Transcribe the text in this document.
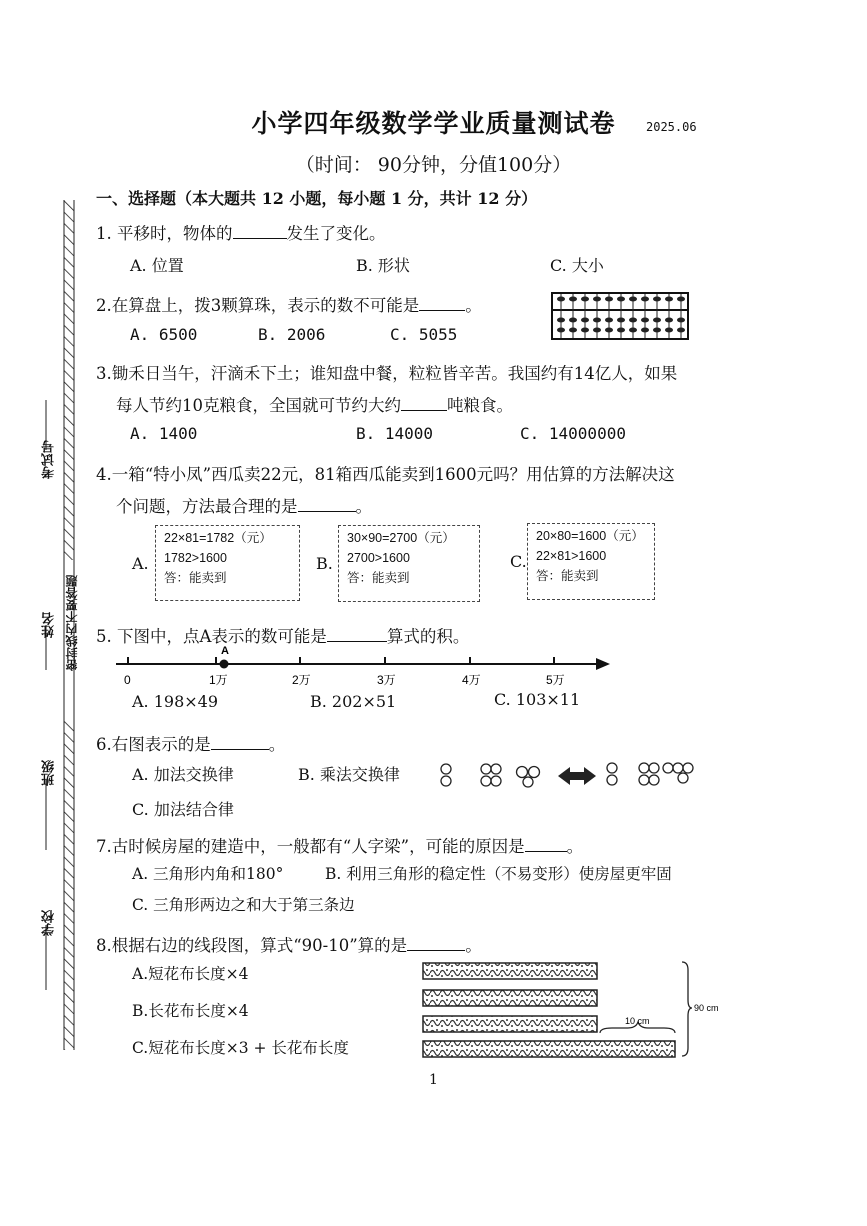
小学四年级数学学业质量测试卷	2025.06
（时间： 90分钟，分值100分）
考试号
姓名 密封线内不要答题
班级
学校
一、选择题（本大题共 12 小题，每小题 1 分，共计 12 分）
1. 平移时，物体的	发生了变化。
A. 位置	B. 形状	C. 大小
2.在算盘上，拨3颗算珠，表示的数不可能是	。
A. 6500	B. 2006	C. 5055
3.锄禾日当午，汗滴禾下土；谁知盘中餐，粒粒皆辛苦。我国约有14亿人，如果
每人节约10克粮食，全国就可节约大约	吨粮食。
A. 1400	B. 14000	C. 14000000
4.一箱“特小凤”西瓜卖22元，81箱西瓜能卖到1600元吗？用估算的方法解决这
个问题，方法最合理的是	。
A.
22×81=1782（元）
1782>1600
答：能卖到
B.
30×90=2700（元）
2700>1600
答：能卖到
C.
20×80=1600（元）
22×81>1600
答：能卖到
5. 下图中，点A表示的数可能是	算式的积。
A
0	1万	2万	3万	4万	5万
A. 198×49	B. 202×51	C. 103×11
6.右图表示的是	。
A. 加法交换律	B. 乘法交换律
C. 加法结合律
7.古时候房屋的建造中，一般都有“人字梁”，可能的原因是	。
A. 三角形内角和180°	B. 利用三角形的稳定性（不易变形）使房屋更牢固
C. 三角形两边之和大于第三条边
8.根据右边的线段图，算式“90-10”算的是	。
A.短花布长度×4
B.长花布长度×4
C.短花布长度×3 + 长花布长度
10 cm
90 cm
1
